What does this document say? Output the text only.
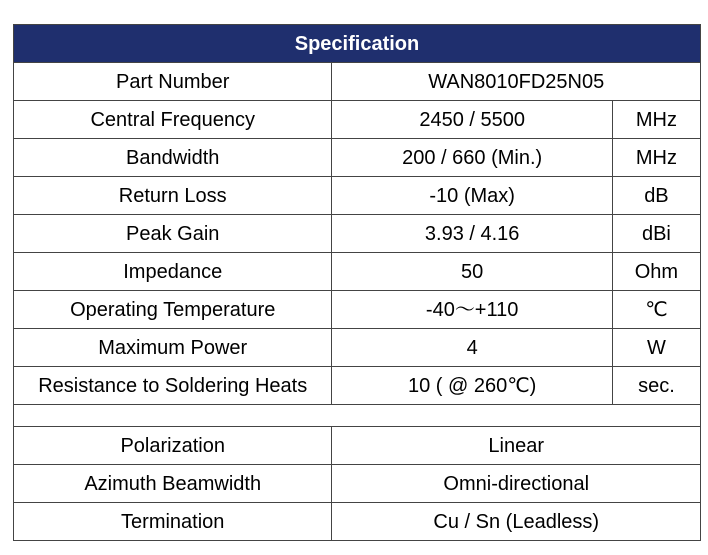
Specification		
Part Number	WAN8010FD25N05	
Central Frequency	2450 / 5500	MHz
Bandwidth	200 / 660 (Min.)	MHz
Return Loss	-10 (Max)	dB
Peak Gain	3.93 / 4.16	dBi
Impedance	50	Ohm
Operating Temperature	-40～+110	℃
Maximum Power	4	W
Resistance to Soldering Heats	10 ( @ 260℃)	sec.

Polarization	Linear	
Azimuth Beamwidth	Omni-directional	
Termination	Cu / Sn (Leadless)	
